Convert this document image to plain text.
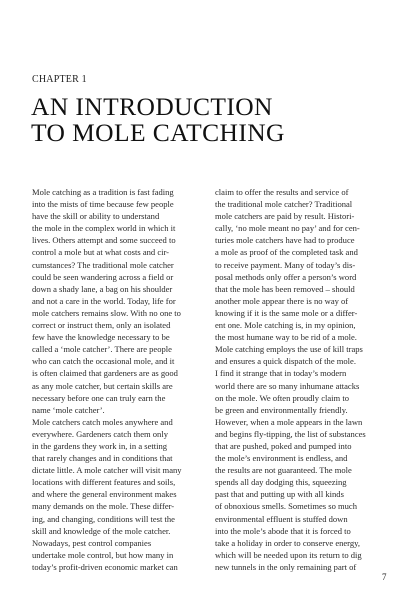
CHAPTER 1
AN INTRODUCTION
TO MOLE CATCHING
Mole catching as a tradition is fast fading
into the mists of time because few people
have the skill or ability to understand
the mole in the complex world in which it
lives. Others attempt and some succeed to
control a mole but at what costs and cir-
cumstances? The traditional mole catcher
could be seen wandering across a field or
down a shady lane, a bag on his shoulder
and not a care in the world. Today, life for
mole catchers remains slow. With no one to
correct or instruct them, only an isolated
few have the knowledge necessary to be
called a ‘mole catcher’. There are people
who can catch the occasional mole, and it
is often claimed that gardeners are as good
as any mole catcher, but certain skills are
necessary before one can truly earn the
name ‘mole catcher’.
Mole catchers catch moles anywhere and
everywhere. Gardeners catch them only
in the gardens they work in, in a setting
that rarely changes and in conditions that
dictate little. A mole catcher will visit many
locations with different features and soils,
and where the general environment makes
many demands on the mole. These differ-
ing, and changing, conditions will test the
skill and knowledge of the mole catcher.
Nowadays, pest control companies
undertake mole control, but how many in
today’s profit-driven economic market can
claim to offer the results and service of
the traditional mole catcher? Traditional
mole catchers are paid by result. Histori-
cally, ‘no mole meant no pay’ and for cen-
turies mole catchers have had to produce
a mole as proof of the completed task and
to receive payment. Many of today’s dis-
posal methods only offer a person’s word
that the mole has been removed – should
another mole appear there is no way of
knowing if it is the same mole or a differ-
ent one. Mole catching is, in my opinion,
the most humane way to be rid of a mole.
Mole catching employs the use of kill traps
and ensures a quick dispatch of the mole.
I find it strange that in today’s modern
world there are so many inhumane attacks
on the mole. We often proudly claim to
be green and environmentally friendly.
However, when a mole appears in the lawn
and begins fly-tipping, the list of substances
that are pushed, poked and pumped into
the mole’s environment is endless, and
the results are not guaranteed. The mole
spends all day dodging this, squeezing
past that and putting up with all kinds
of obnoxious smells. Sometimes so much
environmental effluent is stuffed down
into the mole’s abode that it is forced to
take a holiday in order to conserve energy,
which will be needed upon its return to dig
new tunnels in the only remaining part of
7
